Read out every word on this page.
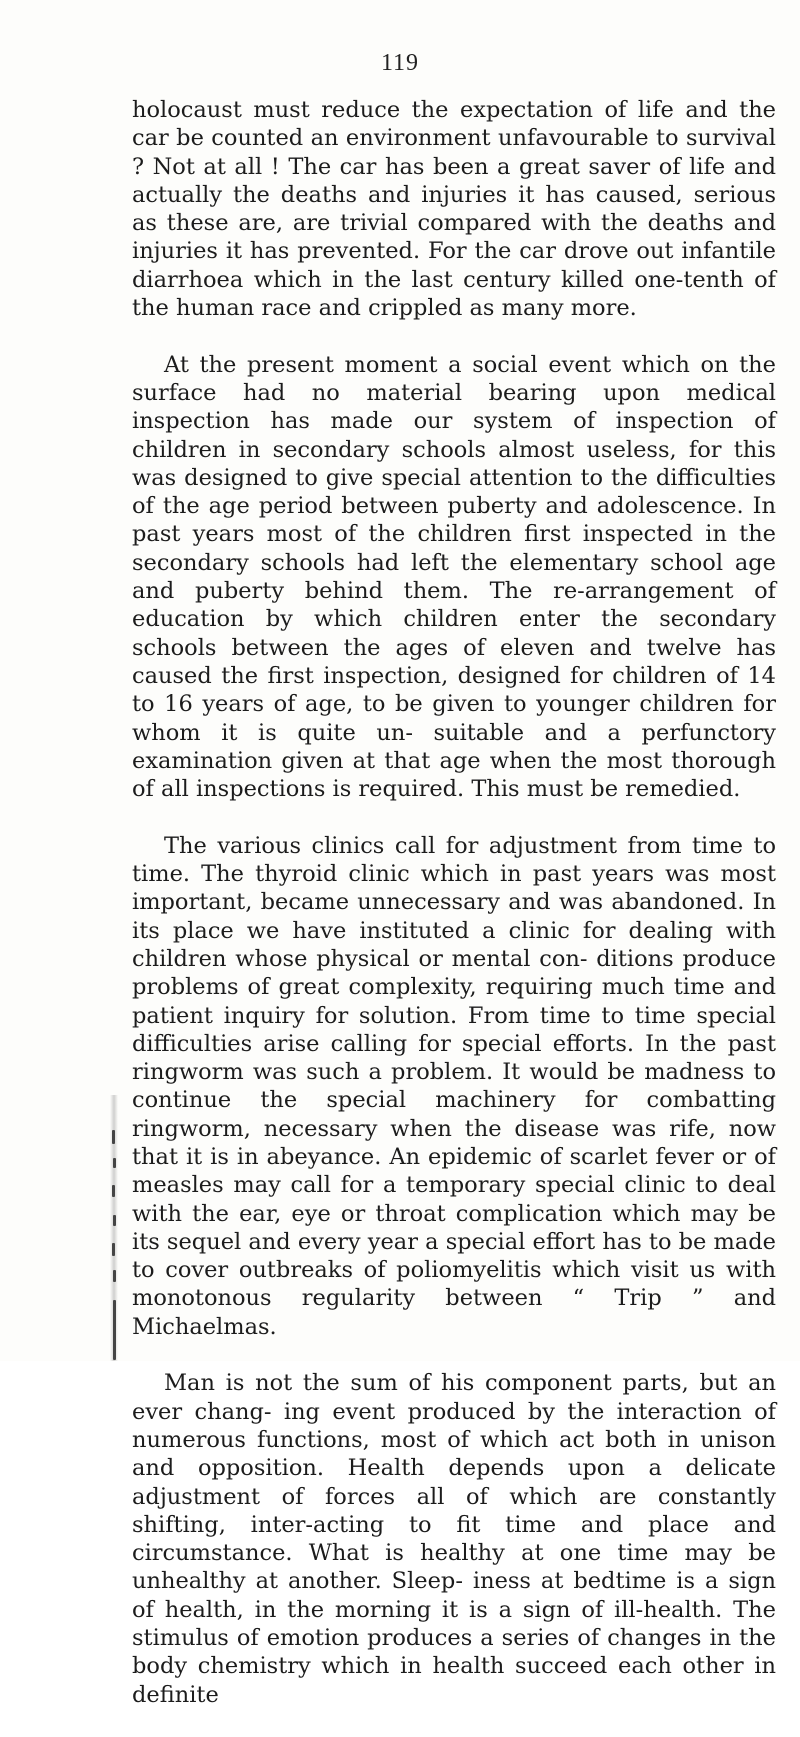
119

holocaust must reduce the expectation of life and the car be counted an environment unfavourable to survival ? Not at all ! The car has been a great saver of life and actually the deaths and injuries it has caused, serious as these are, are trivial compared with the deaths and injuries it has prevented. For the car drove out infantile diarrhoea which in the last century killed one-tenth of the human race and crippled as many more.

At the present moment a social event which on the surface had no material bearing upon medical inspection has made our system of inspection of children in secondary schools almost useless, for this was designed to give special attention to the difficulties of the age period between puberty and adolescence. In past years most of the children first inspected in the secondary schools had left the elementary school age and puberty behind them. The re-arrangement of education by which children enter the secondary schools between the ages of eleven and twelve has caused the first inspection, designed for children of 14 to 16 years of age, to be given to younger children for whom it is quite un- suitable and a perfunctory examination given at that age when the most thorough of all inspections is required. This must be remedied.

The various clinics call for adjustment from time to time. The thyroid clinic which in past years was most important, became unnecessary and was abandoned. In its place we have instituted a clinic for dealing with children whose physical or mental con- ditions produce problems of great complexity, requiring much time and patient inquiry for solution. From time to time special difficulties arise calling for special efforts. In the past ringworm was such a problem. It would be madness to continue the special machinery for combatting ringworm, necessary when the disease was rife, now that it is in abeyance. An epidemic of scarlet fever or of measles may call for a temporary special clinic to deal with the ear, eye or throat complication which may be its sequel and every year a special effort has to be made to cover outbreaks of poliomyelitis which visit us with monotonous regularity between “ Trip ” and Michaelmas.

Man is not the sum of his component parts, but an ever chang- ing event produced by the interaction of numerous functions, most of which act both in unison and opposition. Health depends upon a delicate adjustment of forces all of which are constantly shifting, inter-acting to fit time and place and circumstance. What is healthy at one time may be unhealthy at another. Sleep- iness at bedtime is a sign of health, in the morning it is a sign of ill-health. The stimulus of emotion produces a series of changes in the body chemistry which in health succeed each other in definite
